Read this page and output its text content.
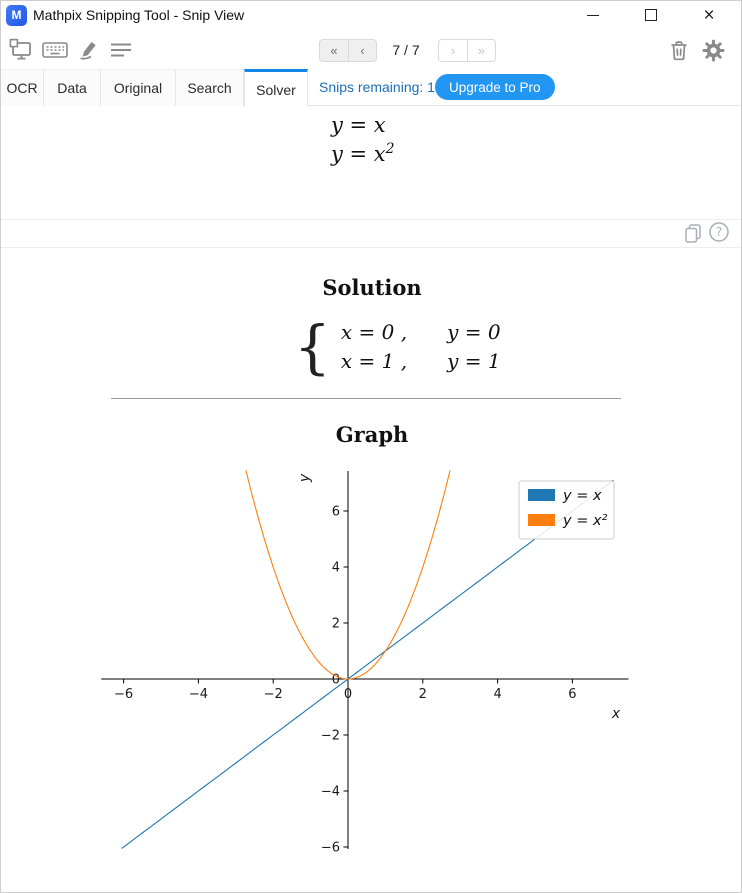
M Mathpix Snipping Tool - Snip View	×
« ‹	7 / 7	› »
OCR Data Original Search Solver Snips remaining: 1	Upgrade to Pro
y = x
$y = x^2$
?
Solution
{ x = 0 , y = 0
x = 1 , y = 1
Graph
−6	−4	−2	0	2	4	6
−6
−4
−2
0
2
4
6
x
y
y = x
y = x²
